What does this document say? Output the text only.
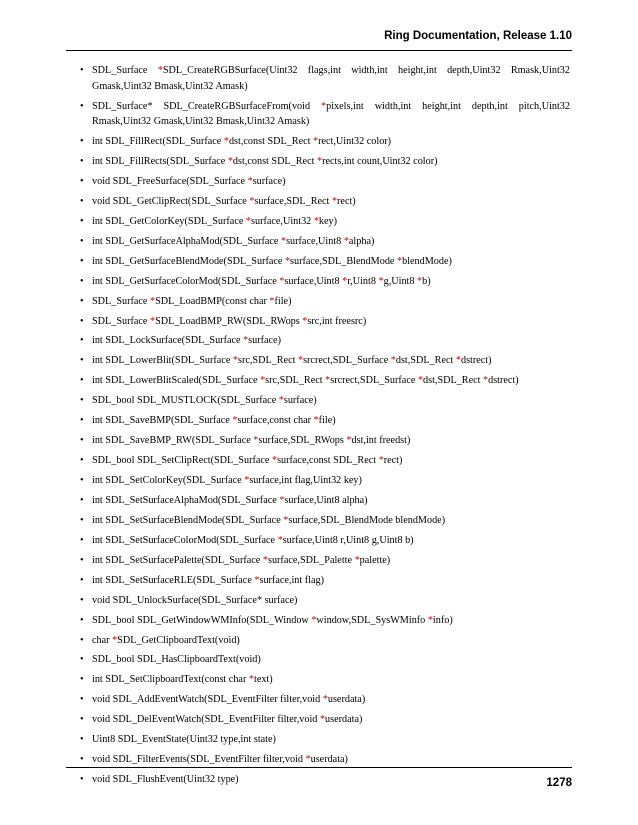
Ring Documentation, Release 1.10
• SDL_Surface *SDL_CreateRGBSurface(Uint32 flags,int width,int height,int depth,Uint32 Rmask,Uint32 Gmask,Uint32 Bmask,Uint32 Amask)
• SDL_Surface* SDL_CreateRGBSurfaceFrom(void *pixels,int width,int height,int depth,int pitch,Uint32 Rmask,Uint32 Gmask,Uint32 Bmask,Uint32 Amask)
• int SDL_FillRect(SDL_Surface *dst,const SDL_Rect *rect,Uint32 color)
• int SDL_FillRects(SDL_Surface *dst,const SDL_Rect *rects,int count,Uint32 color)
• void SDL_FreeSurface(SDL_Surface *surface)
• void SDL_GetClipRect(SDL_Surface *surface,SDL_Rect *rect)
• int SDL_GetColorKey(SDL_Surface *surface,Uint32 *key)
• int SDL_GetSurfaceAlphaMod(SDL_Surface *surface,Uint8 *alpha)
• int SDL_GetSurfaceBlendMode(SDL_Surface *surface,SDL_BlendMode *blendMode)
• int SDL_GetSurfaceColorMod(SDL_Surface *surface,Uint8 *r,Uint8 *g,Uint8 *b)
• SDL_Surface *SDL_LoadBMP(const char *file)
• SDL_Surface *SDL_LoadBMP_RW(SDL_RWops *src,int freesrc)
• int SDL_LockSurface(SDL_Surface *surface)
• int SDL_LowerBlit(SDL_Surface *src,SDL_Rect *srcrect,SDL_Surface *dst,SDL_Rect *dstrect)
• int SDL_LowerBlitScaled(SDL_Surface *src,SDL_Rect *srcrect,SDL_Surface *dst,SDL_Rect *dstrect)
• SDL_bool SDL_MUSTLOCK(SDL_Surface *surface)
• int SDL_SaveBMP(SDL_Surface *surface,const char *file)
• int SDL_SaveBMP_RW(SDL_Surface *surface,SDL_RWops *dst,int freedst)
• SDL_bool SDL_SetClipRect(SDL_Surface *surface,const SDL_Rect *rect)
• int SDL_SetColorKey(SDL_Surface *surface,int flag,Uint32 key)
• int SDL_SetSurfaceAlphaMod(SDL_Surface *surface,Uint8 alpha)
• int SDL_SetSurfaceBlendMode(SDL_Surface *surface,SDL_BlendMode blendMode)
• int SDL_SetSurfaceColorMod(SDL_Surface *surface,Uint8 r,Uint8 g,Uint8 b)
• int SDL_SetSurfacePalette(SDL_Surface *surface,SDL_Palette *palette)
• int SDL_SetSurfaceRLE(SDL_Surface *surface,int flag)
• void SDL_UnlockSurface(SDL_Surface* surface)
• SDL_bool SDL_GetWindowWMInfo(SDL_Window *window,SDL_SysWMinfo *info)
• char *SDL_GetClipboardText(void)
• SDL_bool SDL_HasClipboardText(void)
• int SDL_SetClipboardText(const char *text)
• void SDL_AddEventWatch(SDL_EventFilter filter,void *userdata)
• void SDL_DelEventWatch(SDL_EventFilter filter,void *userdata)
• Uint8 SDL_EventState(Uint32 type,int state)
• void SDL_FilterEvents(SDL_EventFilter filter,void *userdata)
• void SDL_FlushEvent(Uint32 type)	1278
